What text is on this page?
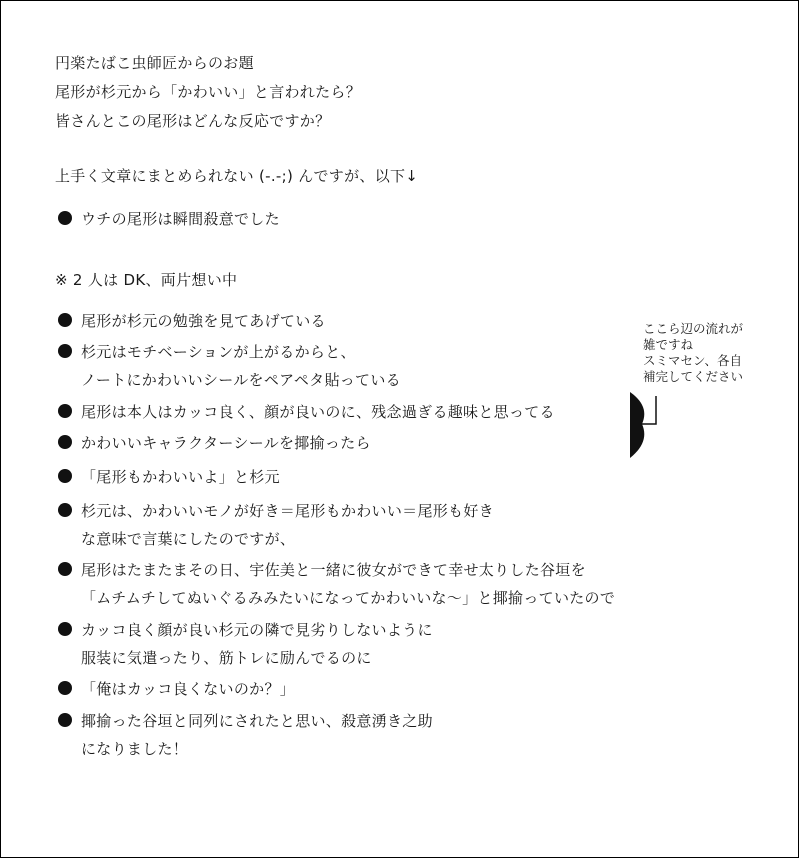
円楽たばこ虫師匠からのお題
尾形が杉元から「かわいい」と言われたら？
皆さんとこの尾形はどんな反応ですか？
上手く文章にまとめられない (-.-;) んですが、以下↓
ウチの尾形は瞬間殺意でした
※ 2 人は DK、両片想い中
尾形が杉元の勉強を見てあげている
杉元はモチベーションが上がるからと、
ノートにかわいいシールをペアペタ貼っている
尾形は本人はカッコ良く、顔が良いのに、残念過ぎる趣味と思ってる
かわいいキャラクターシールを揶揄ったら
「尾形もかわいいよ」と杉元
杉元は、かわいいモノが好き＝尾形もかわいい＝尾形も好き
な意味で言葉にしたのですが、
尾形はたまたまその日、宇佐美と一緒に彼女ができて幸せ太りした谷垣を
「ムチムチしてぬいぐるみみたいになってかわいいな～」と揶揄っていたので
カッコ良く顔が良い杉元の隣で見劣りしないように
服装に気遣ったり、筋トレに励んでるのに
「俺はカッコ良くないのか？」
揶揄った谷垣と同列にされたと思い、殺意湧き之助
になりました！
ここら辺の流れが
雑ですね
スミマセン、各自
補完してください
